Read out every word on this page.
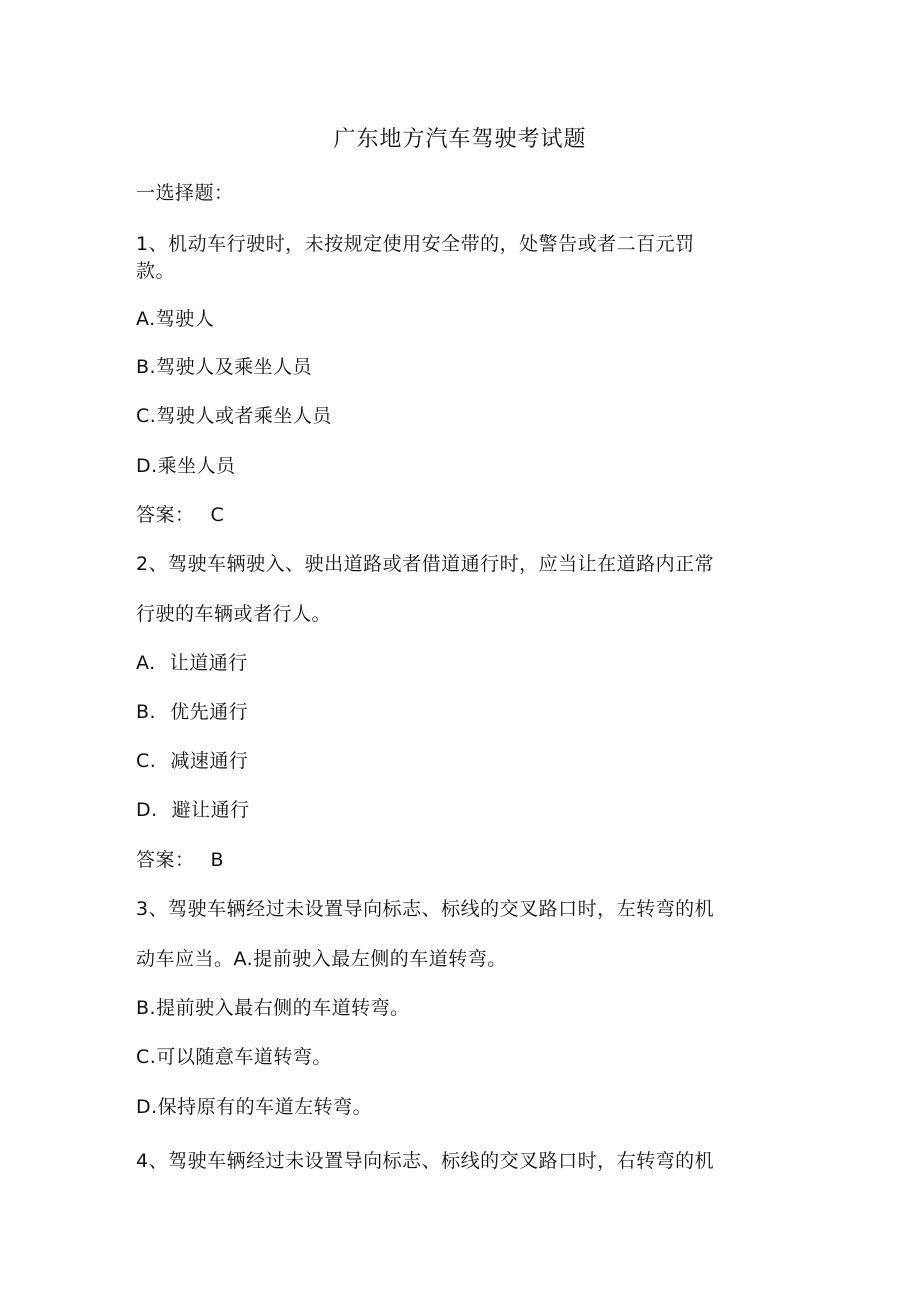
广东地方汽车驾驶考试题
一选择题：
1、机动车行驶时，未按规定使用安全带的，处警告或者二百元罚
款。
A.驾驶人
B.驾驶人及乘坐人员
C.驾驶人或者乘坐人员
D.乘坐人员
答案： C
2、驾驶车辆驶入、驶出道路或者借道通行时，应当让在道路内正常
行驶的车辆或者行人。
A. 让道通行
B. 优先通行
C. 减速通行
D. 避让通行
答案： B
3、驾驶车辆经过未设置导向标志、标线的交叉路口时，左转弯的机
动车应当。A.提前驶入最左侧的车道转弯。
B.提前驶入最右侧的车道转弯。
C.可以随意车道转弯。
D.保持原有的车道左转弯。
4、驾驶车辆经过未设置导向标志、标线的交叉路口时，右转弯的机
